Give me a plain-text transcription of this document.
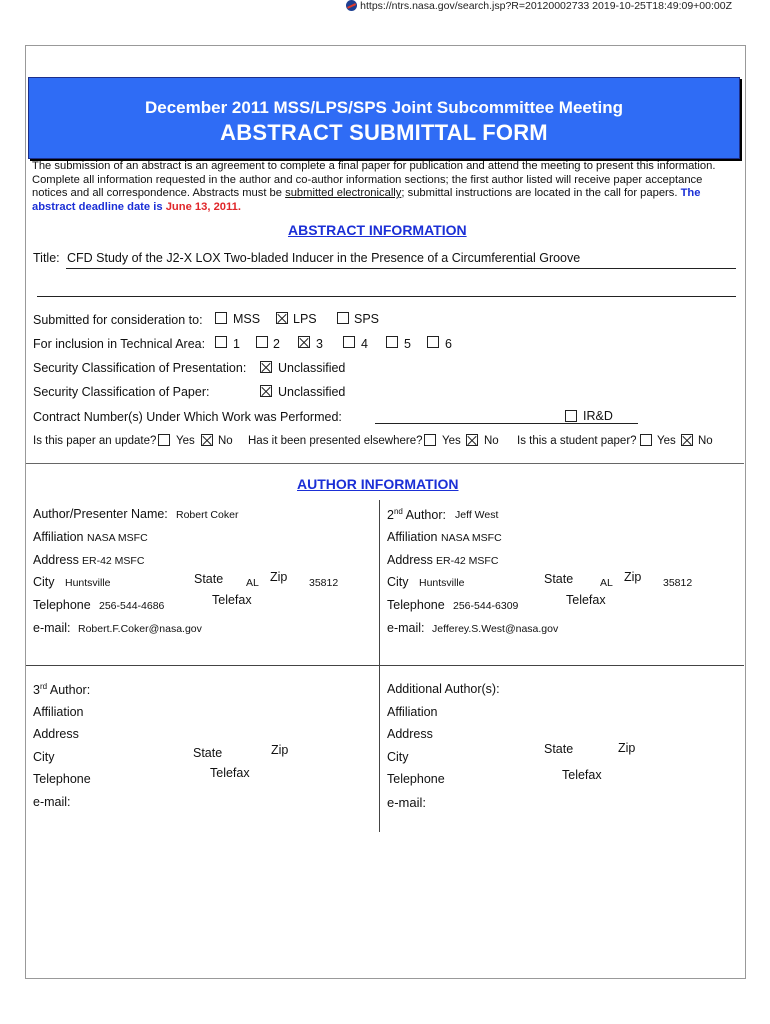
https://ntrs.nasa.gov/search.jsp?R=20120002733 2019-10-25T18:49:09+00:00Z
December 2011 MSS/LPS/SPS Joint Subcommittee Meeting
ABSTRACT SUBMITTAL FORM
The submission of an abstract is an agreement to complete a final paper for publication and attend the meeting to present this information. Complete all information requested in the author and co-author information sections; the first author listed will receive paper acceptance notices and all correspondence. Abstracts must be submitted electronically; submittal instructions are located in the call for papers. The abstract deadline date is June 13, 2011.
ABSTRACT INFORMATION
Title: CFD Study of the J2-X LOX Two-bladed Inducer in the Presence of a Circumferential Groove
Submitted for consideration to: MSS	LPS	SPS
For inclusion in Technical Area: 1	2	3	4	5	6
Security Classification of Presentation:	Unclassified
Security Classification of Paper:	Unclassified
Contract Number(s) Under Which Work was Performed:	IR&D
Is this paper an update? Yes No Has it been presented elsewhere? Yes No Is this a student paper? Yes No
AUTHOR INFORMATION
Author/Presenter Name: Robert Coker
Affiliation NASA MSFC
Address ER-42 MSFC
City Huntsville	State AL Zip 35812
Telephone 256-544-4686	Telefax
e-mail: Robert.F.Coker@nasa.gov
2nd Author: Jeff West
Affiliation NASA MSFC
Address ER-42 MSFC
City Huntsville	State	AL Zip 35812
Telephone 256-544-6309	Telefax
e-mail: Jefferey.S.West@nasa.gov
3rd Author:
Affiliation
Address
City	State	Zip
Telephone	Telefax
e-mail:
Additional Author(s):
Affiliation
Address
City
State	Zip
Telephone	Telefax
e-mail:
